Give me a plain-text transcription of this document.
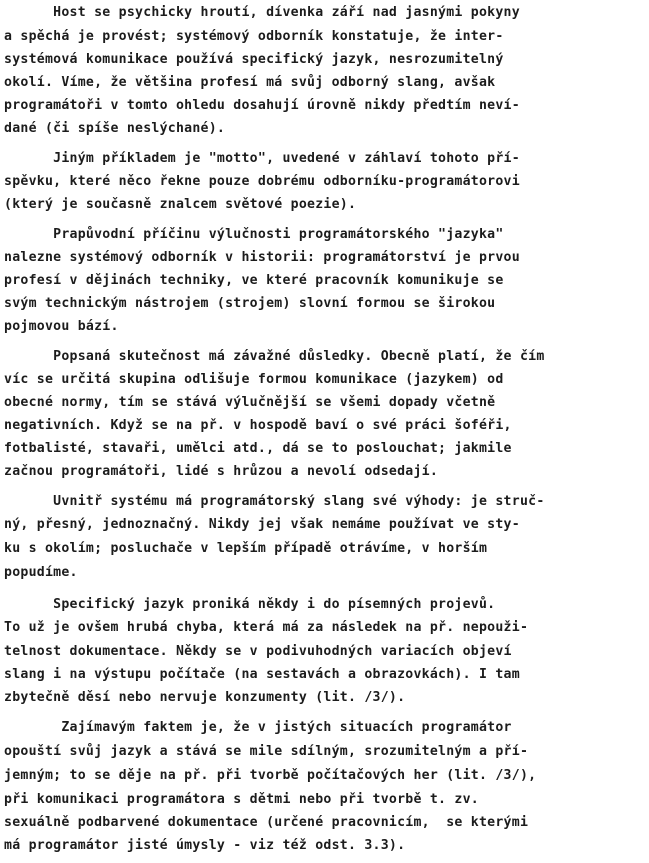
Host se psychicky hroutí, dívenka září nad jasnými pokyny
a spěchá je provést; systémový odborník konstatuje, že inter-
systémová komunikace používá specifický jazyk, nesrozumitelný
okolí. Víme, že většina profesí má svůj odborný slang, avšak
programátoři v tomto ohledu dosahují úrovně nikdy předtím neví-
dané (či spíše neslýchané).
Jiným příkladem je "motto", uvedené v záhlaví tohoto pří-
spěvku, které něco řekne pouze dobrému odborníku-programátorovi
(který je současně znalcem světové poezie).
Prapůvodní příčinu výlučnosti programátorského "jazyka"
nalezne systémový odborník v historii: programátorství je prvou
profesí v dějinách techniky, ve které pracovník komunikuje se
svým technickým nástrojem (strojem) slovní formou se širokou
pojmovou bází.
Popsaná skutečnost má závažné důsledky. Obecně platí, že čím
víc se určitá skupina odlišuje formou komunikace (jazykem) od
obecné normy, tím se stává výlučnější se všemi dopady včetně
negativních. Když se na př. v hospodě baví o své práci šoféři,
fotbalisté, stavaři, umělci atd., dá se to poslouchat; jakmile
začnou programátoři, lidé s hrůzou a nevolí odsedají.
Uvnitř systému má programátorský slang své výhody: je struč-
ný, přesný, jednoznačný. Nikdy jej však nemáme používat ve sty-
ku s okolím; posluchače v lepším případě otrávíme, v horším
popudíme.
Specifický jazyk proniká někdy i do písemných projevů.
To už je ovšem hrubá chyba, která má za následek na př. nepouži-
telnost dokumentace. Někdy se v podivuhodných variacích objeví
slang i na výstupu počítače (na sestavách a obrazovkách). I tam
zbytečně děsí nebo nervuje konzumenty (lit. /3/).
Zajímavým faktem je, že v jistých situacích programátor
opouští svůj jazyk a stává se mile sdílným, srozumitelným a pří-
jemným; to se děje na př. při tvorbě počítačových her (lit. /3/),
při komunikaci programátora s dětmi nebo při tvorbě t. zv.
sexuálně podbarvené dokumentace (určené pracovnicím,  se kterými
má programátor jisté úmysly - viz též odst. 3.3).
